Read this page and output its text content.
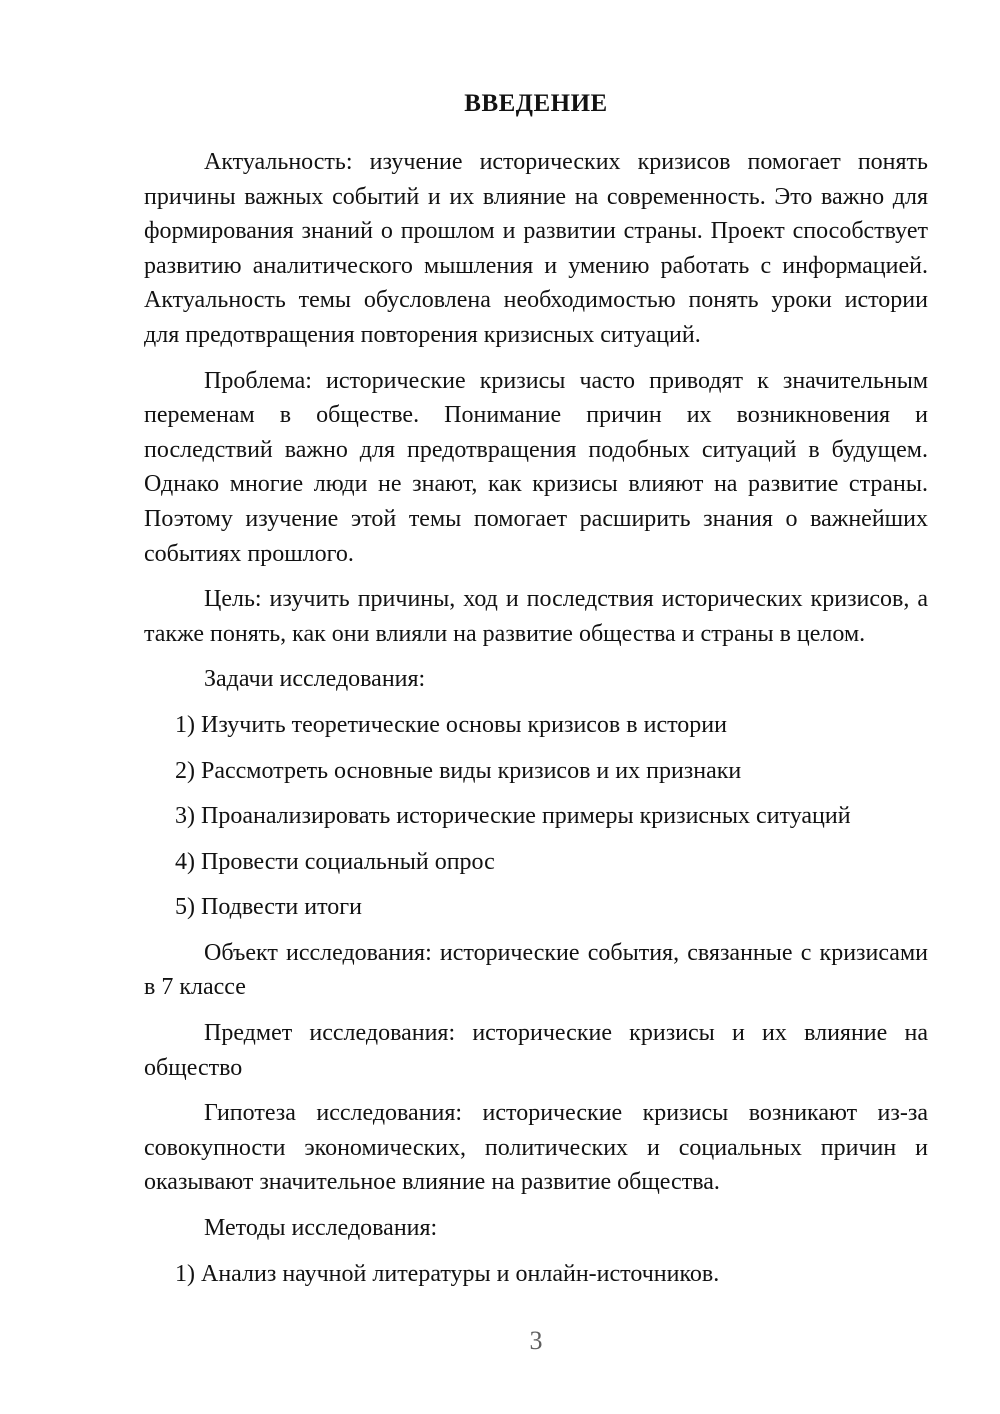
ВВЕДЕНИЕ

Актуальность: изучение исторических кризисов помогает понять причины важных событий и их влияние на современность. Это важно для формирования знаний о прошлом и развитии страны. Проект способствует развитию аналитического мышления и умению работать с информацией. Актуальность темы обусловлена необходимостью понять уроки истории для предотвращения повторения кризисных ситуаций.

Проблема: исторические кризисы часто приводят к значительным переменам в обществе. Понимание причин их возникновения и последствий важно для предотвращения подобных ситуаций в будущем. Однако многие люди не знают, как кризисы влияют на развитие страны. Поэтому изучение этой темы помогает расширить знания о важнейших событиях прошлого.

Цель: изучить причины, ход и последствия исторических кризисов, а также понять, как они влияли на развитие общества и страны в целом.

Задачи исследования:

1) Изучить теоретические основы кризисов в истории

2) Рассмотреть основные виды кризисов и их признаки

3) Проанализировать исторические примеры кризисных ситуаций

4) Провести социальный опрос

5) Подвести итоги

Объект исследования: исторические события, связанные с кризисами в 7 классе

Предмет исследования: исторические кризисы и их влияние на общество

Гипотеза исследования: исторические кризисы возникают из-за совокупности экономических, политических и социальных причин и оказывают значительное влияние на развитие общества.

Методы исследования:

1) Анализ научной литературы и онлайн-источников.

3
